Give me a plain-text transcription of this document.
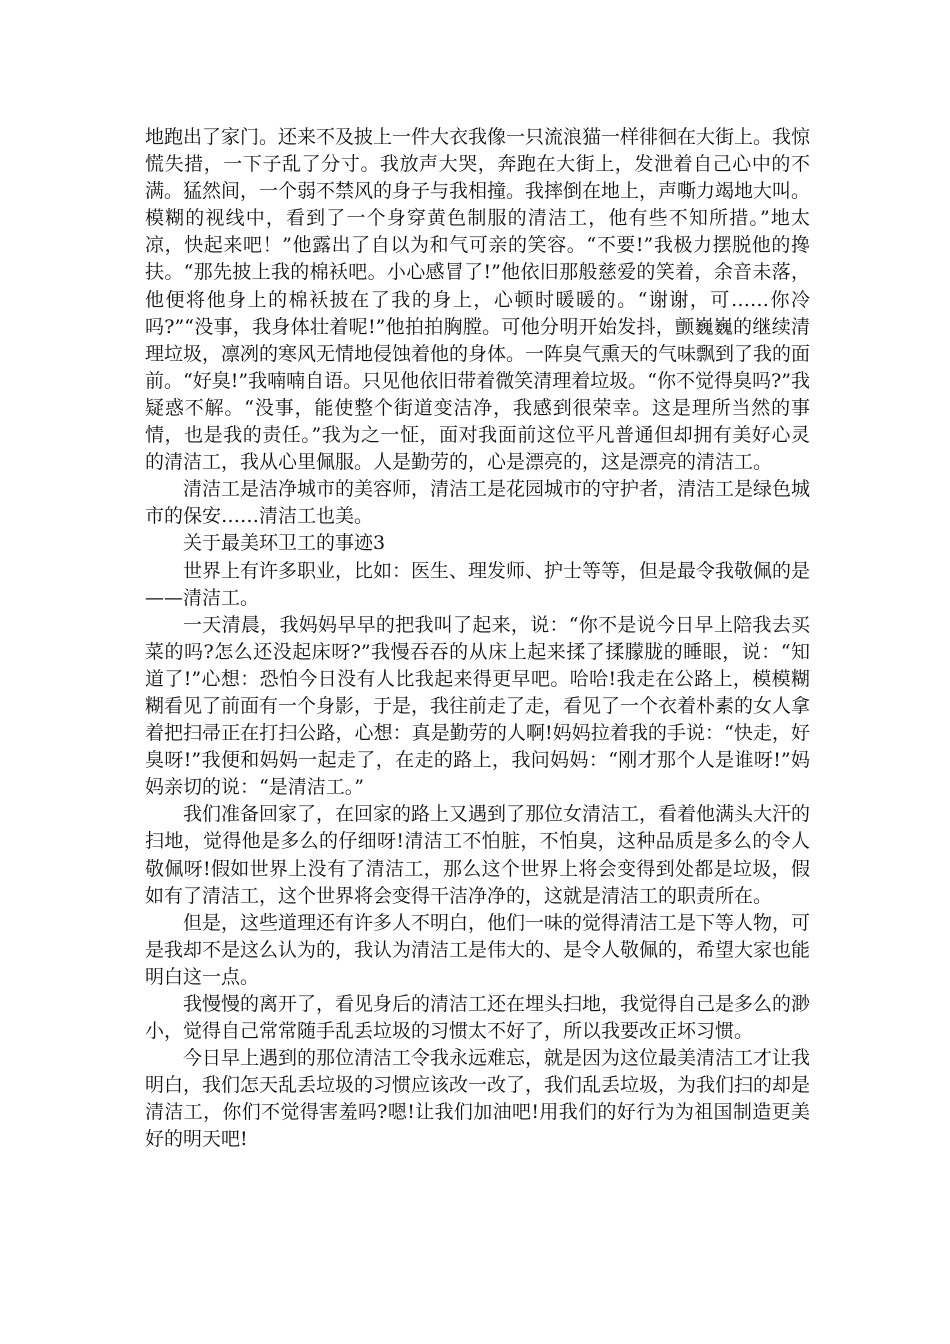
地跑出了家门。还来不及披上一件大衣我像一只流浪猫一样徘徊在大街上。我惊慌失措，一下子乱了分寸。我放声大哭，奔跑在大街上，发泄着自己心中的不满。猛然间，一个弱不禁风的身子与我相撞。我摔倒在地上，声嘶力竭地大叫。模糊的视线中，看到了一个身穿黄色制服的清洁工，他有些不知所措。”地太凉，快起来吧！”他露出了自以为和气可亲的笑容。“不要!”我极力摆脱他的搀扶。“那先披上我的棉袄吧。小心感冒了!”他依旧那般慈爱的笑着，余音未落，他便将他身上的棉袄披在了我的身上，心顿时暖暖的。“谢谢，可……你冷吗?”“没事，我身体壮着呢!”他拍拍胸膛。可他分明开始发抖，颤巍巍的继续清理垃圾，凛冽的寒风无情地侵蚀着他的身体。一阵臭气熏天的气味飘到了我的面前。“好臭!”我喃喃自语。只见他依旧带着微笑清理着垃圾。“你不觉得臭吗?”我疑惑不解。“没事，能使整个街道变洁净，我感到很荣幸。这是理所当然的事情，也是我的责任。”我为之一怔，面对我面前这位平凡普通但却拥有美好心灵的清洁工，我从心里佩服。人是勤劳的，心是漂亮的，这是漂亮的清洁工。

清洁工是洁净城市的美容师，清洁工是花园城市的守护者，清洁工是绿色城市的保安……清洁工也美。

关于最美环卫工的事迹3

世界上有许多职业，比如：医生、理发师、护士等等，但是最令我敬佩的是——清洁工。

一天清晨，我妈妈早早的把我叫了起来，说：“你不是说今日早上陪我去买菜的吗?怎么还没起床呀?”我慢吞吞的从床上起来揉了揉朦胧的睡眼，说：“知道了!”心想：恐怕今日没有人比我起来得更早吧。哈哈!我走在公路上，模模糊糊看见了前面有一个身影，于是，我往前走了走，看见了一个衣着朴素的女人拿着把扫帚正在打扫公路，心想：真是勤劳的人啊!妈妈拉着我的手说：“快走，好臭呀!”我便和妈妈一起走了，在走的路上，我问妈妈：“刚才那个人是谁呀!”妈妈亲切的说：“是清洁工。”

我们准备回家了，在回家的路上又遇到了那位女清洁工，看着他满头大汗的扫地，觉得他是多么的仔细呀!清洁工不怕脏，不怕臭，这种品质是多么的令人敬佩呀!假如世界上没有了清洁工，那么这个世界上将会变得到处都是垃圾，假如有了清洁工，这个世界将会变得干洁净净的，这就是清洁工的职责所在。

但是，这些道理还有许多人不明白，他们一味的觉得清洁工是下等人物，可是我却不是这么认为的，我认为清洁工是伟大的、是令人敬佩的，希望大家也能明白这一点。

我慢慢的离开了，看见身后的清洁工还在埋头扫地，我觉得自己是多么的渺小，觉得自己常常随手乱丢垃圾的习惯太不好了，所以我要改正坏习惯。

今日早上遇到的那位清洁工令我永远难忘，就是因为这位最美清洁工才让我明白，我们怎天乱丢垃圾的习惯应该改一改了，我们乱丢垃圾，为我们扫的却是清洁工，你们不觉得害羞吗?嗯!让我们加油吧!用我们的好行为为祖国制造更美好的明天吧!
